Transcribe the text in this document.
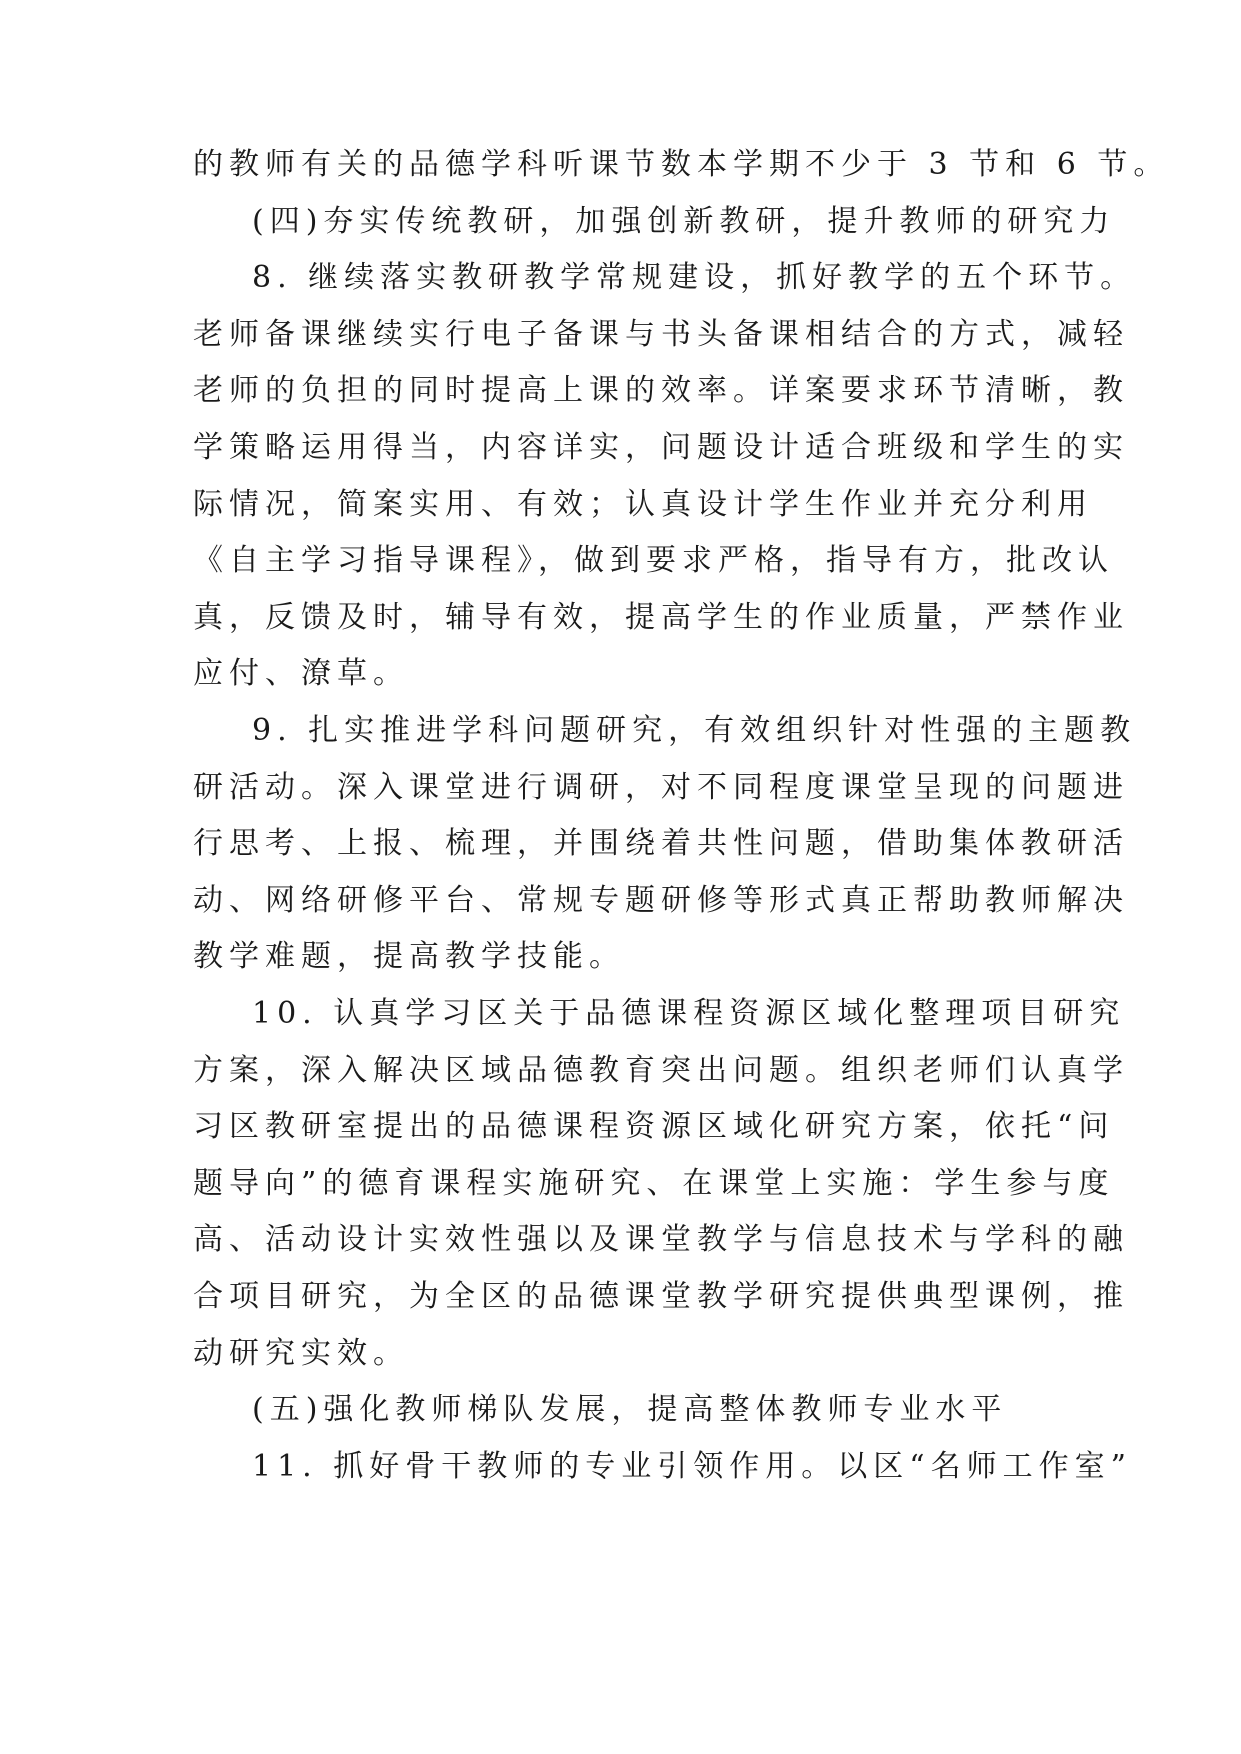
的教师有关的品德学科听课节数本学期不少于 3 节和 6 节。
(四)夯实传统教研，加强创新教研，提升教师的研究力
8. 继续落实教研教学常规建设，抓好教学的五个环节。
老师备课继续实行电子备课与书头备课相结合的方式，减轻
老师的负担的同时提高上课的效率。详案要求环节清晰，教
学策略运用得当，内容详实，问题设计适合班级和学生的实
际情况，简案实用、有效；认真设计学生作业并充分利用
《自主学习指导课程》，做到要求严格，指导有方，批改认
真，反馈及时，辅导有效，提高学生的作业质量，严禁作业
应付、潦草。
9. 扎实推进学科问题研究，有效组织针对性强的主题教
研活动。深入课堂进行调研，对不同程度课堂呈现的问题进
行思考、上报、梳理，并围绕着共性问题，借助集体教研活
动、网络研修平台、常规专题研修等形式真正帮助教师解决
教学难题，提高教学技能。
10. 认真学习区关于品德课程资源区域化整理项目研究
方案，深入解决区域品德教育突出问题。组织老师们认真学
习区教研室提出的品德课程资源区域化研究方案，依托“问
题导向”的德育课程实施研究、在课堂上实施：学生参与度
高、活动设计实效性强以及课堂教学与信息技术与学科的融
合项目研究，为全区的品德课堂教学研究提供典型课例，推
动研究实效。
(五)强化教师梯队发展，提高整体教师专业水平
11. 抓好骨干教师的专业引领作用。以区“名师工作室”
